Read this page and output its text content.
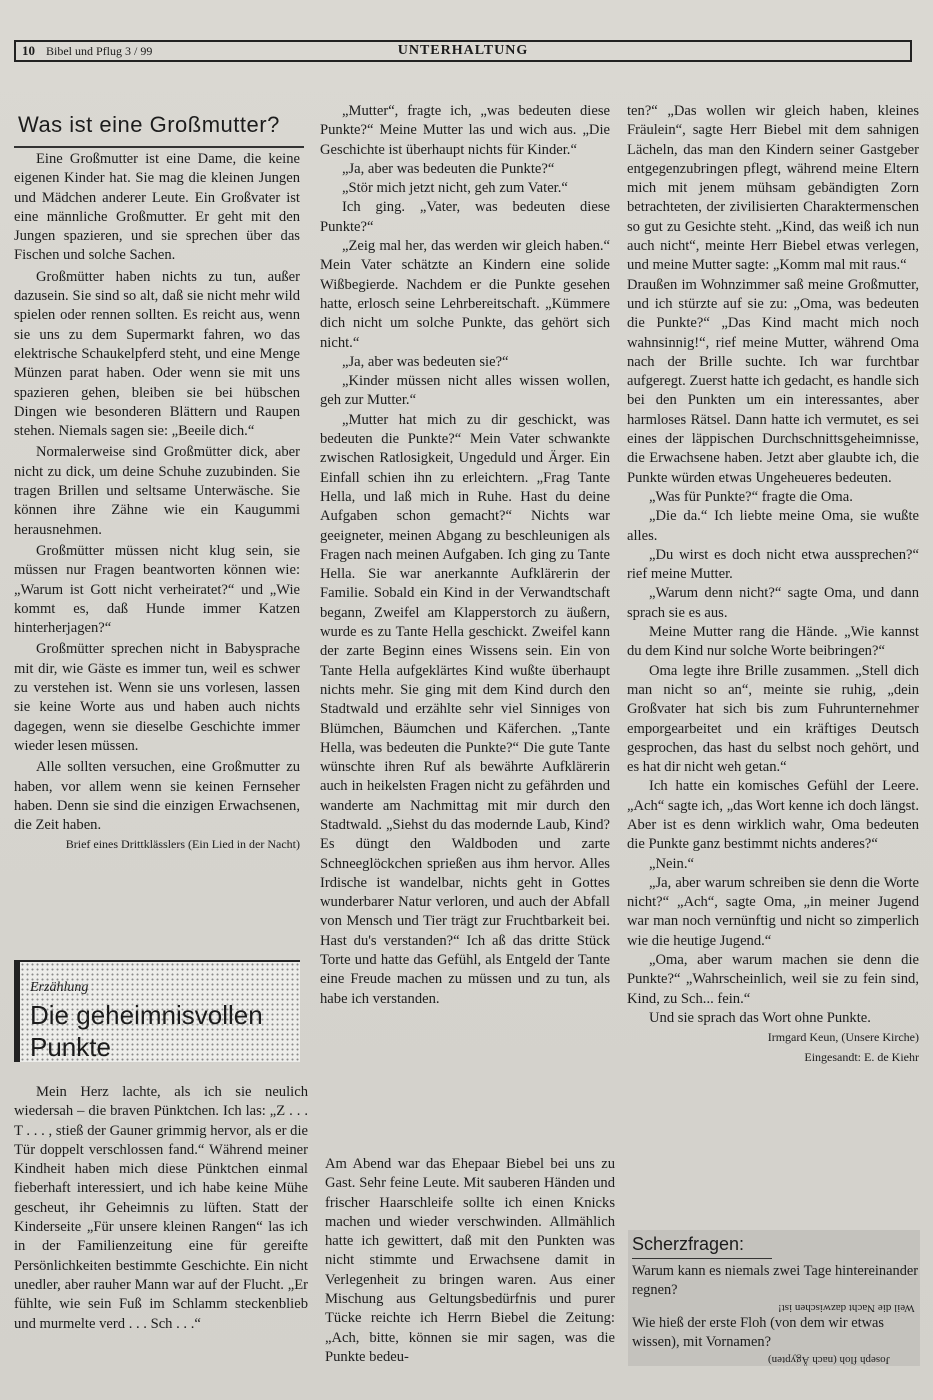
10 Bibel und Pflug 3 / 99	UNTERHALTUNG
Was ist eine Großmutter?

Eine Großmutter ist eine Dame, die keine eigenen Kinder hat. Sie mag die kleinen Jungen und Mädchen anderer Leute. Ein Großvater ist eine männliche Großmutter. Er geht mit den Jungen spazieren, und sie sprechen über das Fischen und solche Sachen.

Großmütter haben nichts zu tun, außer dazusein. Sie sind so alt, daß sie nicht mehr wild spielen oder rennen sollten. Es reicht aus, wenn sie uns zu dem Supermarkt fahren, wo das elektrische Schaukelpferd steht, und eine Menge Münzen parat haben. Oder wenn sie mit uns spazieren gehen, bleiben sie bei hübschen Dingen wie besonderen Blättern und Raupen stehen. Niemals sagen sie: „Beeile dich.“

Normalerweise sind Großmütter dick, aber nicht zu dick, um deine Schuhe zuzubinden. Sie tragen Brillen und seltsame Unterwäsche. Sie können ihre Zähne wie ein Kaugummi herausnehmen.

Großmütter müssen nicht klug sein, sie müssen nur Fragen beantworten können wie: „Warum ist Gott nicht verheiratet?“ und „Wie kommt es, daß Hunde immer Katzen hinterherjagen?“

Großmütter sprechen nicht in Babysprache mit dir, wie Gäste es immer tun, weil es schwer zu verstehen ist. Wenn sie uns vorlesen, lassen sie keine Worte aus und haben auch nichts dagegen, wenn sie dieselbe Geschichte immer wieder lesen müssen.

Alle sollten versuchen, eine Großmutter zu haben, vor allem wenn sie keinen Fernseher haben. Denn sie sind die einzigen Erwachsenen, die Zeit haben.

Brief eines Drittklässlers (Ein Lied in der Nacht)

Erzählung
Die geheimnisvollen
Punkte

Mein Herz lachte, als ich sie neulich wiedersah – die braven Pünktchen. Ich las: „Z . . . T . . . , stieß der Gauner grimmig hervor, als er die Tür doppelt verschlossen fand.“ Während meiner Kindheit haben mich diese Pünktchen einmal fieberhaft interessiert, und ich habe keine Mühe gescheut, ihr Geheimnis zu lüften. Statt der Kinderseite „Für unsere kleinen Rangen“ las ich in der Familienzeitung eine für gereifte Persönlichkeiten bestimmte Geschichte. Ein nicht unedler, aber rauher Mann war auf der Flucht. „Er fühlte, wie sein Fuß im Schlamm steckenblieb und murmelte verd . . . Sch . . .“

„Mutter“, fragte ich, „was bedeuten diese Punkte?“ Meine Mutter las und wich aus. „Die Geschichte ist überhaupt nichts für Kinder.“

„Ja, aber was bedeuten die Punkte?“

„Stör mich jetzt nicht, geh zum Vater.“

Ich ging. „Vater, was bedeuten diese Punkte?“

„Zeig mal her, das werden wir gleich haben.“ Mein Vater schätzte an Kindern eine solide Wißbegierde. Nachdem er die Punkte gesehen hatte, erlosch seine Lehrbereitschaft. „Kümmere dich nicht um solche Punkte, das gehört sich nicht.“

„Ja, aber was bedeuten sie?“

„Kinder müssen nicht alles wissen wollen, geh zur Mutter.“

„Mutter hat mich zu dir geschickt, was bedeuten die Punkte?“ Mein Vater schwankte zwischen Ratlosigkeit, Ungeduld und Ärger. Ein Einfall schien ihn zu erleichtern. „Frag Tante Hella, und laß mich in Ruhe. Hast du deine Aufgaben schon gemacht?“ Nichts war geeigneter, meinen Abgang zu beschleunigen als Fragen nach meinen Aufgaben. Ich ging zu Tante Hella. Sie war anerkannte Aufklärerin der Familie. Sobald ein Kind in der Verwandtschaft begann, Zweifel am Klapperstorch zu äußern, wurde es zu Tante Hella geschickt. Zweifel kann der zarte Beginn eines Wissens sein. Ein von Tante Hella aufgeklärtes Kind wußte überhaupt nichts mehr. Sie ging mit dem Kind durch den Stadtwald und erzählte sehr viel Sinniges von Blümchen, Bäumchen und Käferchen. „Tante Hella, was bedeuten die Punkte?“ Die gute Tante wünschte ihren Ruf als bewährte Aufklärerin auch in heikelsten Fragen nicht zu gefährden und wanderte am Nachmittag mit mir durch den Stadtwald. „Siehst du das modernde Laub, Kind? Es düngt den Waldboden und zarte Schneeglöckchen sprießen aus ihm hervor. Alles Irdische ist wandelbar, nichts geht in Gottes wunderbarer Natur verloren, und auch der Abfall von Mensch und Tier trägt zur Fruchtbarkeit bei. Hast du's verstanden?“ Ich aß das dritte Stück Torte und hatte das Gefühl, als Entgeld der Tante eine Freude machen zu müssen und zu tun, als habe ich verstanden.

Am Abend war das Ehepaar Biebel bei uns zu Gast. Sehr feine Leute. Mit sauberen Händen und frischer Haarschleife sollte ich einen Knicks machen und wieder verschwinden. Allmählich hatte ich gewittert, daß mit den Punkten was nicht stimmte und Erwachsene damit in Verlegenheit zu bringen waren. Aus einer Mischung aus Geltungsbedürfnis und purer Tücke reichte ich Herrn Biebel die Zeitung: „Ach, bitte, können sie mir sagen, was die Punkte bedeu-

ten?“ „Das wollen wir gleich haben, kleines Fräulein“, sagte Herr Biebel mit dem sahnigen Lächeln, das man den Kindern seiner Gastgeber entgegenzubringen pflegt, während meine Eltern mich mit jenem mühsam gebändigten Zorn betrachteten, der zivilisierten Charaktermenschen so gut zu Gesichte steht. „Kind, das weiß ich nun auch nicht“, meinte Herr Biebel etwas verlegen, und meine Mutter sagte: „Komm mal mit raus.“

Draußen im Wohnzimmer saß meine Großmutter, und ich stürzte auf sie zu: „Oma, was bedeuten die Punkte?“ „Das Kind macht mich noch wahnsinnig!“, rief meine Mutter, während Oma nach der Brille suchte. Ich war furchtbar aufgeregt. Zuerst hatte ich gedacht, es handle sich bei den Punkten um ein interessantes, aber harmloses Rätsel. Dann hatte ich vermutet, es sei eines der läppischen Durchschnittsgeheimnisse, die Erwachsene haben. Jetzt aber glaubte ich, die Punkte würden etwas Ungeheueres bedeuten.

„Was für Punkte?“ fragte die Oma.

„Die da.“ Ich liebte meine Oma, sie wußte alles.

„Du wirst es doch nicht etwa aussprechen?“ rief meine Mutter.

„Warum denn nicht?“ sagte Oma, und dann sprach sie es aus.

Meine Mutter rang die Hände. „Wie kannst du dem Kind nur solche Worte beibringen?“

Oma legte ihre Brille zusammen. „Stell dich man nicht so an“, meinte sie ruhig, „dein Großvater hat sich bis zum Fuhrunternehmer emporgearbeitet und ein kräftiges Deutsch gesprochen, das hast du selbst noch gehört, und es hat dir nicht weh getan.“

Ich hatte ein komisches Gefühl der Leere. „Ach“ sagte ich, „das Wort kenne ich doch längst. Aber ist es denn wirklich wahr, Oma bedeuten die Punkte ganz bestimmt nichts anderes?“

„Nein.“

„Ja, aber warum schreiben sie denn die Worte nicht?“ „Ach“, sagte Oma, „in meiner Jugend war man noch vernünftig und nicht so zimperlich wie die heutige Jugend.“

„Oma, aber warum machen sie denn die Punkte?“ „Wahrscheinlich, weil sie zu fein sind, Kind, zu Sch... fein.“

Und sie sprach das Wort ohne Punkte.

Irmgard Keun, (Unsere Kirche)

Eingesandt: E. de Kiehr

Scherzfragen:
Warum kann es niemals zwei Tage hintereinander regnen?
Weil die Nacht dazwischen ist!
Wie hieß der erste Floh (von dem wir etwas wissen), mit Vornamen?
Joseph floh (nach Ägypten)
